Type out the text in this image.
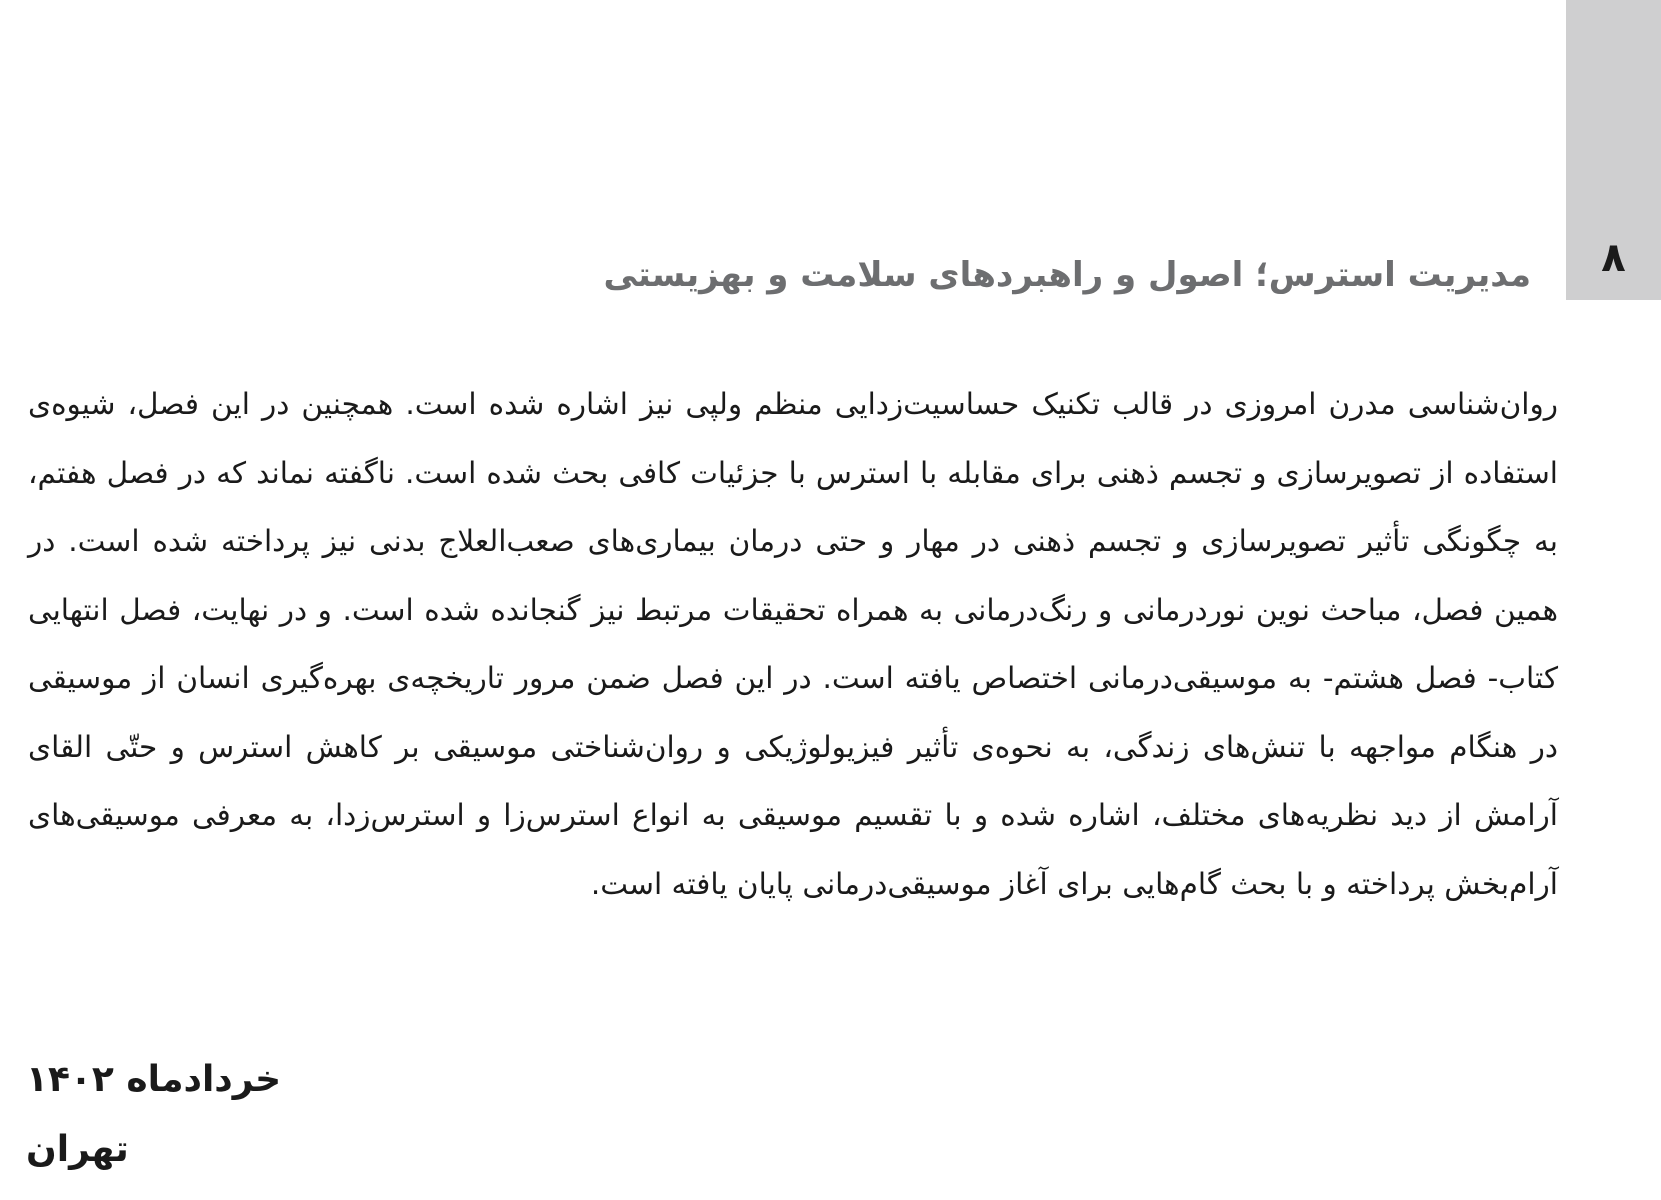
۸
مدیریت استرس؛ اصول و راهبردهای سلامت و بهزیستی

روان‌شناسی مدرن امروزی در قالب تکنیک حساسیت‌زدایی منظم ولپی نیز اشاره شده است. همچنین در این فصل، شیوه‌ی استفاده از تصویرسازی و تجسم ذهنی برای مقابله با استرس با جزئیات کافی بحث شده است. ناگفته نماند که در فصل هفتم، به چگونگی تأثیر تصویرسازی و تجسم ذهنی در مهار و حتی درمان بیماری‌های صعب‌العلاج بدنی نیز پرداخته شده است. در همین فصل، مباحث نوین نوردرمانی و رنگ‌درمانی به همراه تحقیقات مرتبط نیز گنجانده شده است. و در نهایت، فصل انتهایی کتاب- فصل هشتم- به موسیقی‌درمانی اختصاص یافته است. در این فصل ضمن مرور تاریخچه‌ی بهره‌گیری انسان از موسیقی در هنگام مواجهه با تنش‌های زندگی، به نحوه‌ی تأثیر فیزیولوژیکی و روان‌شناختی موسیقی بر کاهش استرس و حتّی القای آرامش از دید نظریه‌های مختلف، اشاره شده و با تقسیم موسیقی به انواع استرس‌زا و استرس‌زدا، به معرفی موسیقی‌های آرام‌بخش پرداخته و با بحث گام‌هایی برای آغاز موسیقی‌درمانی پایان یافته است.

خردادماه ۱۴۰۲
تهران
